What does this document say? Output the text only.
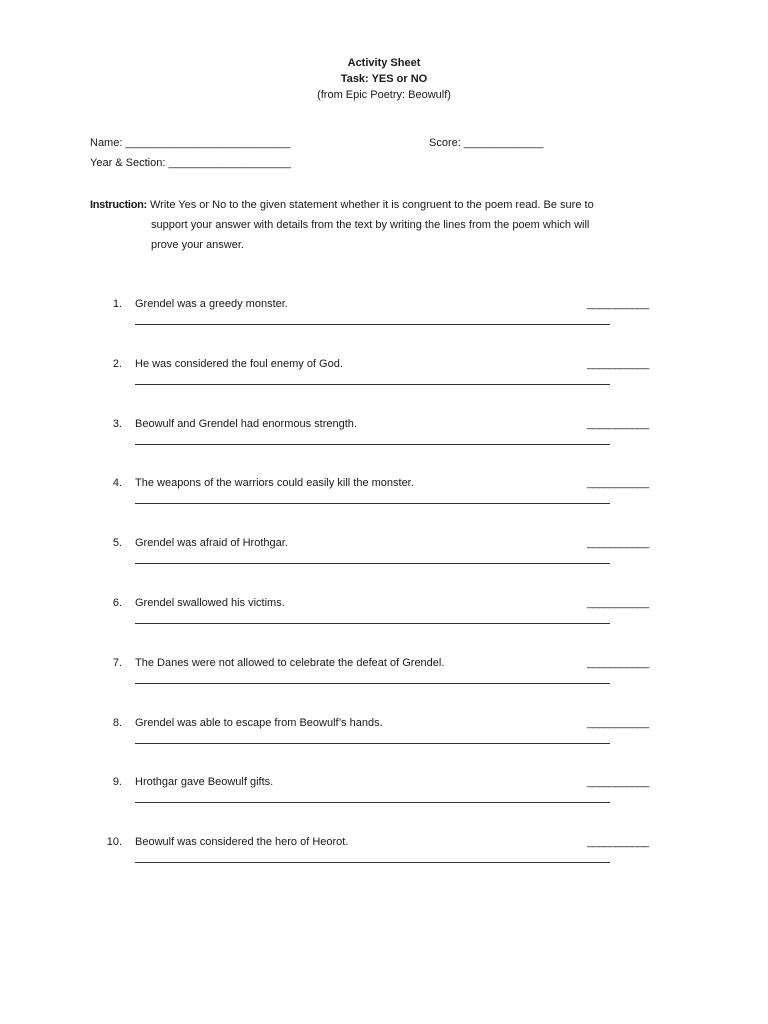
Activity Sheet
Task: YES or NO
(from Epic Poetry: Beowulf)
Name: ___________________________	Score: _____________
Year & Section: ____________________
Instruction: Write Yes or No to the given statement whether it is congruent to the poem read. Be sure to
support your answer with details from the text by writing the lines from the poem which will
prove your answer.
1. Grendel was a greedy monster.	___________
2. He was considered the foul enemy of God.	___________
3. Beowulf and Grendel had enormous strength.	___________
4. The weapons of the warriors could easily kill the monster.	___________
5. Grendel was afraid of Hrothgar.	___________
6. Grendel swallowed his victims.	___________
7. The Danes were not allowed to celebrate the defeat of Grendel.	___________
8. Grendel was able to escape from Beowulf’s hands.	___________
9. Hrothgar gave Beowulf gifts.	___________
10. Beowulf was considered the hero of Heorot.	___________
